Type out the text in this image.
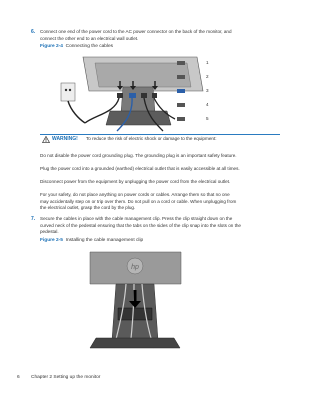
6. Connect one end of the power cord to the AC power connector on the back of the monitor, and
connect the other end to an electrical wall outlet.
Figure 2-4 Connecting the cables
1
2
3
4
5
WARNING! To reduce the risk of electric shock or damage to the equipment:
Do not disable the power cord grounding plug. The grounding plug is an important safety feature.
Plug the power cord into a grounded (earthed) electrical outlet that is easily accessible at all times.
Disconnect power from the equipment by unplugging the power cord from the electrical outlet.
For your safety, do not place anything on power cords or cables. Arrange them so that no one
may accidentally step on or trip over them. Do not pull on a cord or cable. When unplugging from
the electrical outlet, grasp the cord by the plug.
7. Secure the cables in place with the cable management clip. Press the clip straight down on the
curved neck of the pedestal ensuring that the tabs on the sides of the clip snap into the slots on the
pedestal.
Figure 2-5 Installing the cable management clip
hp
6 Chapter 2 Setting up the monitor
